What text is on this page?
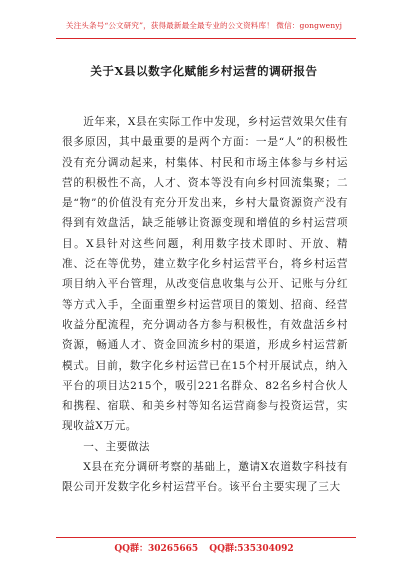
关注头条号“公文研究”，获得最新最全最专业的公文资料库！ 微信：gongwenyj
关于X县以数字化赋能乡村运营的调研报告

近年来，X县在实际工作中发现，乡村运营效果欠佳有很多原因，其中最重要的是两个方面：一是“人”的积极性没有充分调动起来，村集体、村民和市场主体参与乡村运营的积极性不高，人才、资本等没有向乡村回流集聚；二是“物”的价值没有充分开发出来，乡村大量资源资产没有得到有效盘活，缺乏能够让资源变现和增值的乡村运营项目。X县针对这些问题，利用数字技术即时、开放、精准、泛在等优势，建立数字化乡村运营平台，将乡村运营项目纳入平台管理，从改变信息收集与公开、记账与分红等方式入手，全面重塑乡村运营项目的策划、招商、经营收益分配流程，充分调动各方参与积极性，有效盘活乡村资源，畅通人才、资金回流乡村的渠道，形成乡村运营新模式。目前，数字化乡村运营已在15个村开展试点，纳入平台的项目达215个，吸引221名群众、82名乡村合伙人和携程、宿联、和美乡村等知名运营商参与投资运营，实现收益X万元。

一、主要做法

X县在充分调研考察的基础上，邀请X农道数字科技有限公司开发数字化乡村运营平台。该平台主要实现了三大

QQ群：30265665 QQ群:535304092
